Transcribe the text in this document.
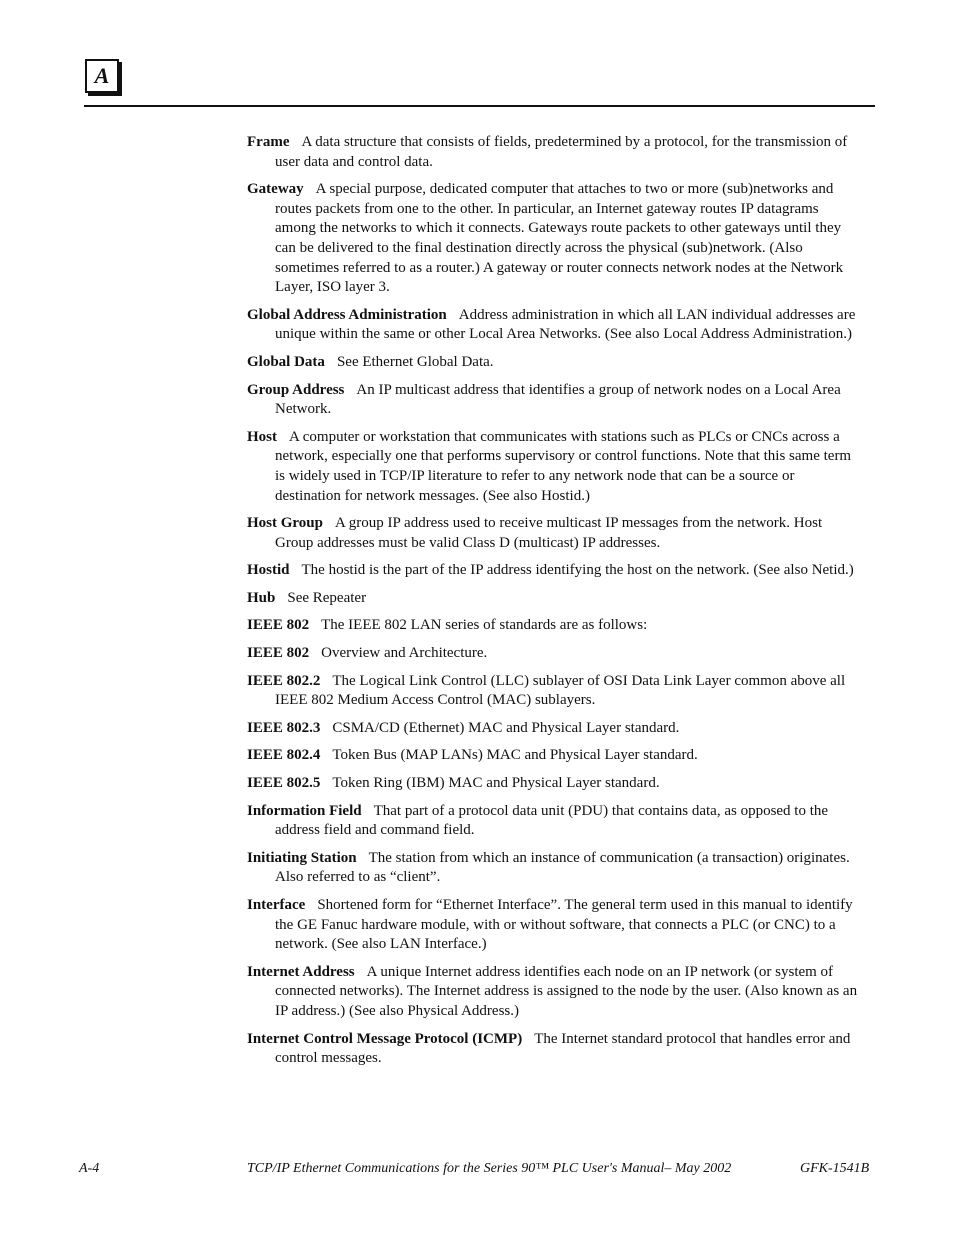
A

Frame A data structure that consists of fields, predetermined by a protocol, for the transmission of user data and control data.

Gateway A special purpose, dedicated computer that attaches to two or more (sub)networks and routes packets from one to the other. In particular, an Internet gateway routes IP datagrams among the networks to which it connects. Gateways route packets to other gateways until they can be delivered to the final destination directly across the physical (sub)network. (Also sometimes referred to as a router.) A gateway or router connects network nodes at the Network Layer, ISO layer 3.

Global Address Administration Address administration in which all LAN individual addresses are unique within the same or other Local Area Networks. (See also Local Address Administration.)

Global Data See Ethernet Global Data.

Group Address An IP multicast address that identifies a group of network nodes on a Local Area Network.

Host A computer or workstation that communicates with stations such as PLCs or CNCs across a network, especially one that performs supervisory or control functions. Note that this same term is widely used in TCP/IP literature to refer to any network node that can be a source or destination for network messages. (See also Hostid.)

Host Group A group IP address used to receive multicast IP messages from the network. Host Group addresses must be valid Class D (multicast) IP addresses.

Hostid The hostid is the part of the IP address identifying the host on the network. (See also Netid.)

Hub See Repeater

IEEE 802 The IEEE 802 LAN series of standards are as follows:

IEEE 802 Overview and Architecture.

IEEE 802.2 The Logical Link Control (LLC) sublayer of OSI Data Link Layer common above all IEEE 802 Medium Access Control (MAC) sublayers.

IEEE 802.3 CSMA/CD (Ethernet) MAC and Physical Layer standard.

IEEE 802.4 Token Bus (MAP LANs) MAC and Physical Layer standard.

IEEE 802.5 Token Ring (IBM) MAC and Physical Layer standard.

Information Field That part of a protocol data unit (PDU) that contains data, as opposed to the address field and command field.

Initiating Station The station from which an instance of communication (a transaction) originates. Also referred to as “client”.

Interface Shortened form for “Ethernet Interface”. The general term used in this manual to identify the GE Fanuc hardware module, with or without software, that connects a PLC (or CNC) to a network. (See also LAN Interface.)

Internet Address A unique Internet address identifies each node on an IP network (or system of connected networks). The Internet address is assigned to the node by the user. (Also known as an IP address.) (See also Physical Address.)

Internet Control Message Protocol (ICMP) The Internet standard protocol that handles error and control messages.

A-4	TCP/IP Ethernet Communications for the Series 90™ PLC User's Manual– May 2002	GFK-1541B
